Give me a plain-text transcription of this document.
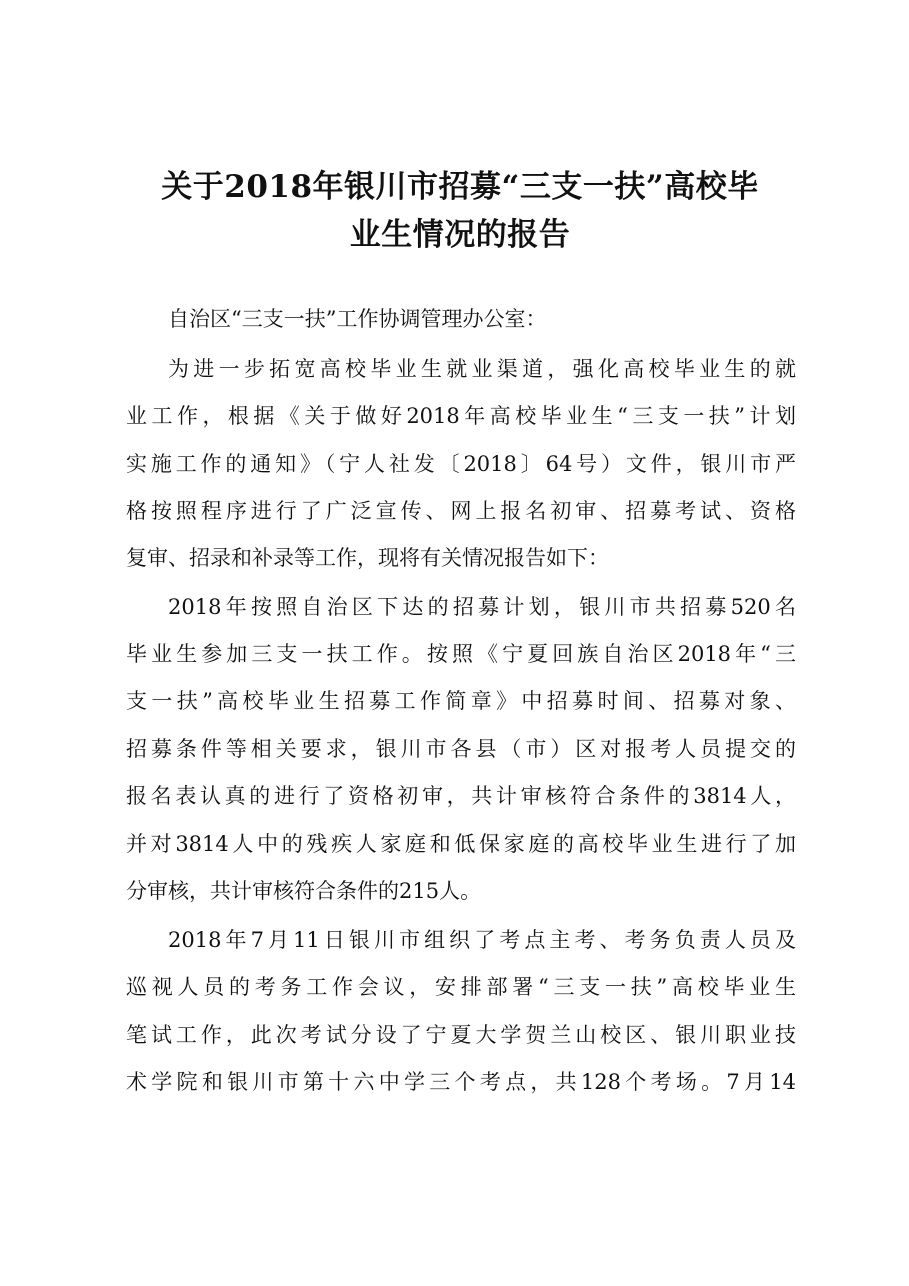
关于2018年银川市招募“三支一扶”高校毕
业生情况的报告
自治区“三支一扶”工作协调管理办公室：
为进一步拓宽高校毕业生就业渠道，强化高校毕业生的就
业工作，根据《关于做好2018年高校毕业生“三支一扶”计划
实施工作的通知》（宁人社发〔2018〕64号）文件，银川市严
格按照程序进行了广泛宣传、网上报名初审、招募考试、资格
复审、招录和补录等工作，现将有关情况报告如下：
2018年按照自治区下达的招募计划，银川市共招募520名
毕业生参加三支一扶工作。按照《宁夏回族自治区2018年“三
支一扶”高校毕业生招募工作简章》中招募时间、招募对象、
招募条件等相关要求，银川市各县（市）区对报考人员提交的
报名表认真的进行了资格初审，共计审核符合条件的3814人，
并对3814人中的残疾人家庭和低保家庭的高校毕业生进行了加
分审核，共计审核符合条件的215人。
2018年7月11日银川市组织了考点主考、考务负责人员及
巡视人员的考务工作会议，安排部署“三支一扶”高校毕业生
笔试工作，此次考试分设了宁夏大学贺兰山校区、银川职业技
术学院和银川市第十六中学三个考点，共128个考场。7月14
